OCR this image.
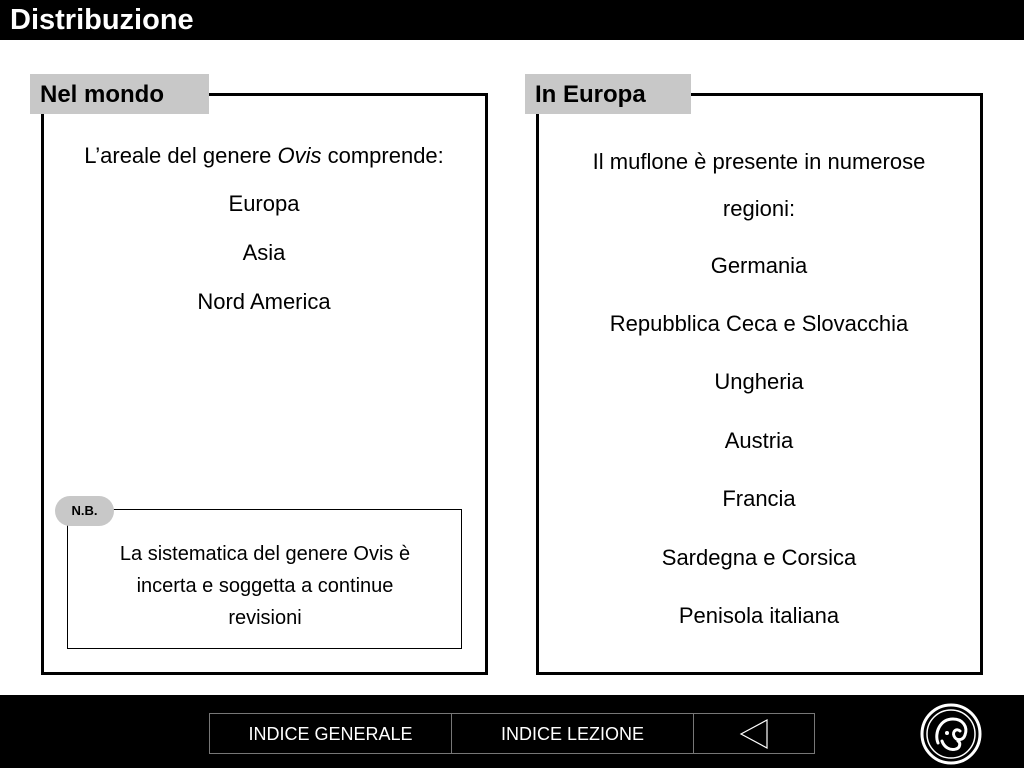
Distribuzione
Nel mondo
L’areale del genere Ovis comprende:
Europa
Asia
Nord America
La sistematica del genere Ovis è
incerta e soggetta a continue
revisioni
N.B.
In Europa
Il muflone è presente in numerose
regioni:
Germania
Repubblica Ceca e Slovacchia
Ungheria
Austria
Francia
Sardegna e Corsica
Penisola italiana
INDICE GENERALE	INDICE LEZIONE
